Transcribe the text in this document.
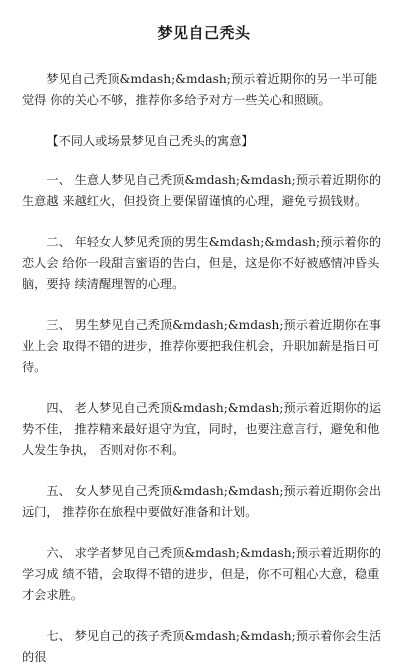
梦见自己秃头

梦见自己秃顶&mdash;&mdash;预示着近期你的另一半可能觉得 你的关心不够，推荐你多给予对方一些关心和照顾。

【不同人或场景梦见自己秃头的寓意】

一、 生意人梦见自己秃顶&mdash;&mdash;预示着近期你的生意越 来越红火，但投资上要保留谨慎的心理，避免亏损钱财。

二、 年轻女人梦见秃顶的男生&mdash;&mdash;预示着你的恋人会 给你一段甜言蜜语的告白，但是，这是你不好被感情冲昏头脑，要持 续清醒理智的心理。

三、 男生梦见自己秃顶&mdash;&mdash;预示着近期你在事业上会 取得不错的进步，推荐你要把我住机会，升职加薪是指日可待。

四、 老人梦见自己秃顶&mdash;&mdash;预示着近期你的运势不佳， 推荐精来最好退守为宜，同时，也要注意言行，避免和他人发生争执， 否则对你不利。

五、 女人梦见自己秃顶&mdash;&mdash;预示着近期你会出远门， 推荐你在旅程中要做好准备和计划。

六、 求学者梦见自己秃顶&mdash;&mdash;预示着近期你的学习成 绩不错，会取得不错的进步，但是，你不可粗心大意，稳重才会求胜。

七、 梦见自己的孩子秃顶&mdash;&mdash;预示着你会生活的很
